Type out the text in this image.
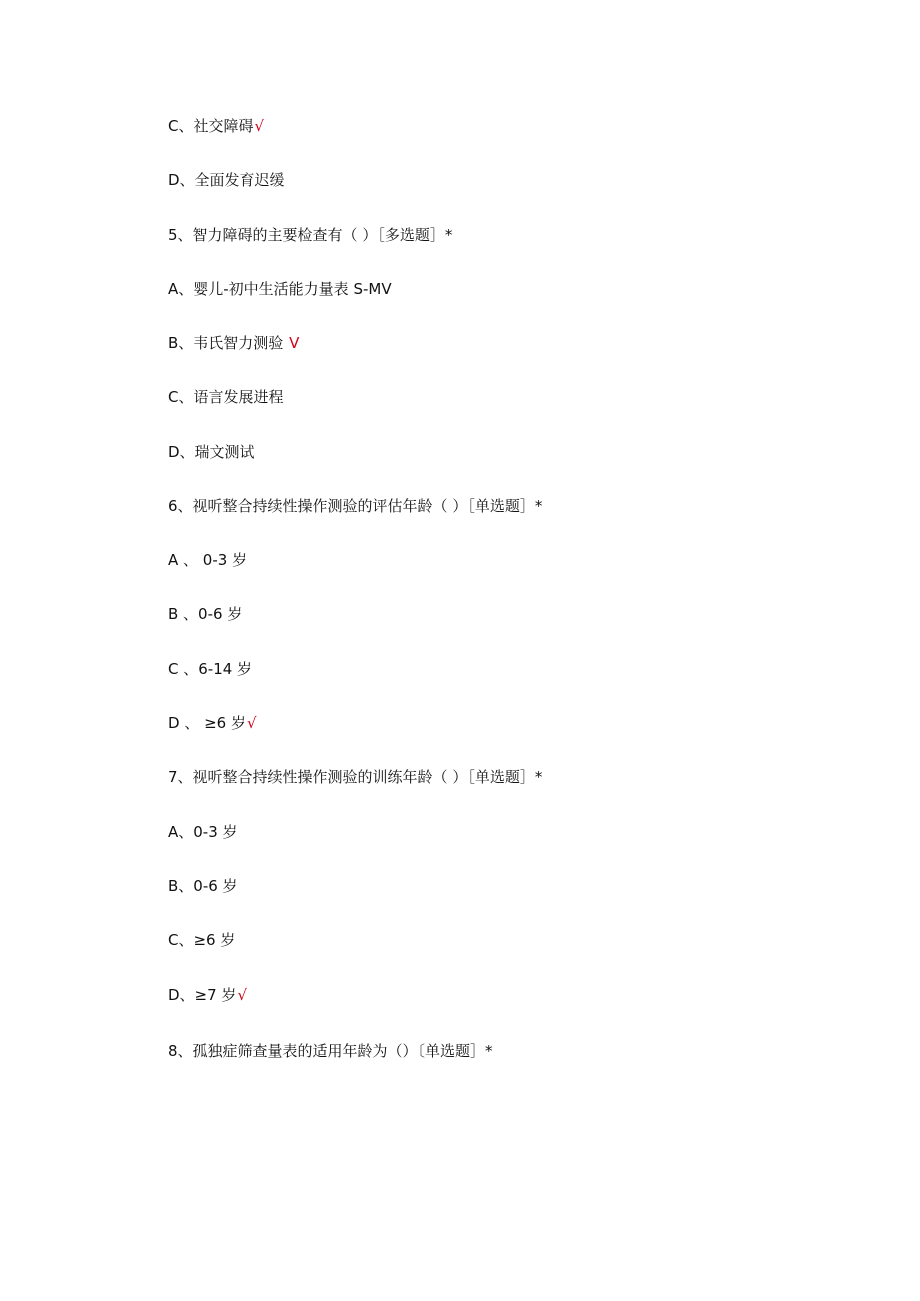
C、社交障碍√
D、全面发育迟缓
5、智力障碍的主要检查有（ ）［多选题］*
A、婴儿-初中生活能力量表 S-MV
B、韦氏智力测验 V
C、语言发展进程
D、瑞文测试
6、视听整合持续性操作测验的评估年龄（ ）［单选题］*
A 、 0-3 岁
B 、0-6 岁
C 、6-14 岁
D 、 ≥6 岁√
7、视听整合持续性操作测验的训练年龄（ ）［单选题］*
A、0-3 岁
B、0-6 岁
C、≥6 岁
D、≥7 岁√
8、孤独症筛查量表的适用年龄为（）〔单选题］*
